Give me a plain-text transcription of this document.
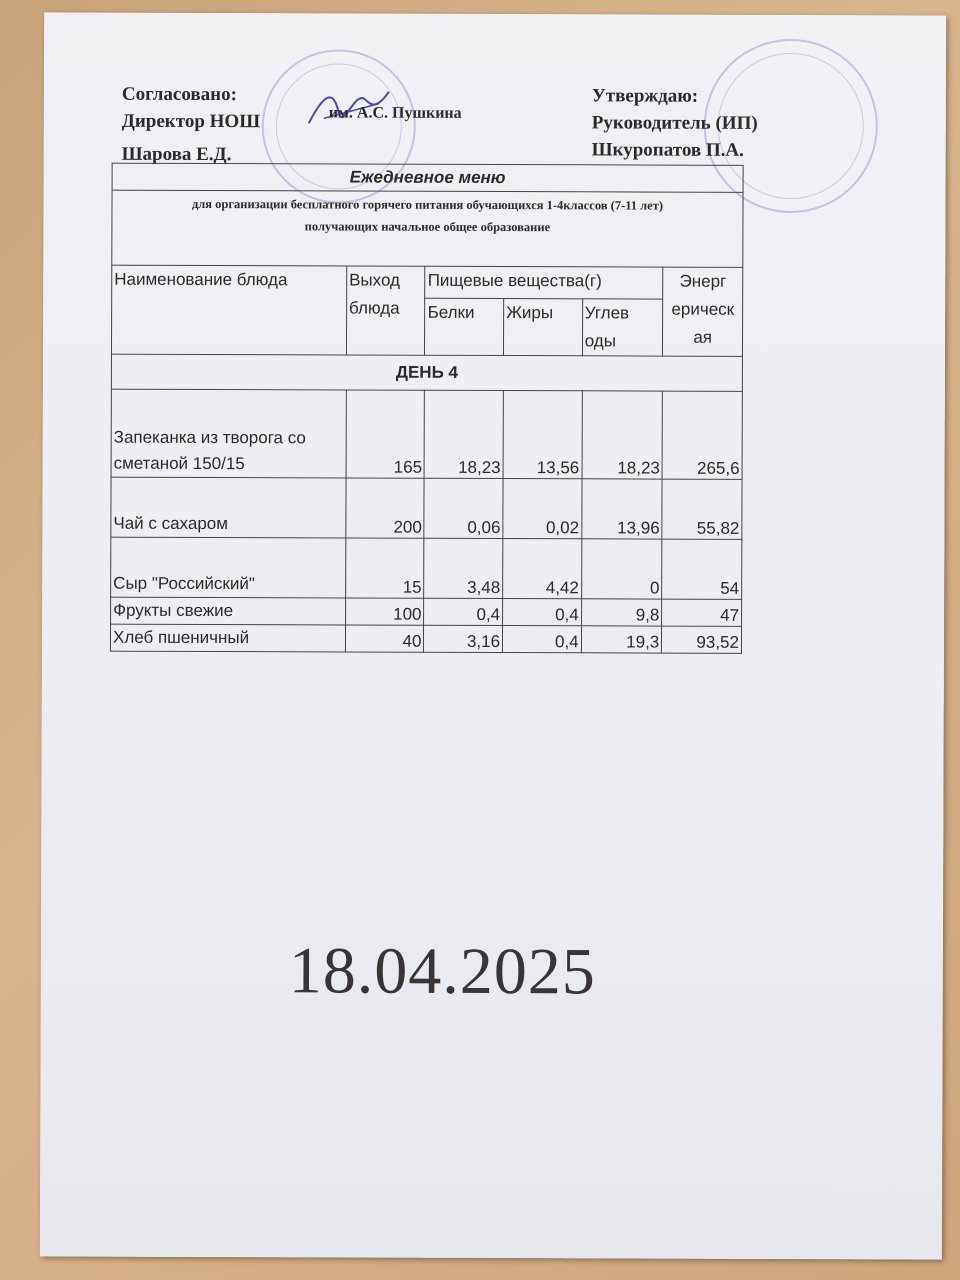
Согласовано:
Директор НОШ
Шарова Е.Д.
им. А.С. Пушкина
Утверждаю:
Руководитель (ИП)
Шкуропатов П.А.
Ежедневное меню					

для организации бесплатного горячего питания обучающихся 1-4классов (7-11 лет)
получающих начальное общее образование					

Наименование блюда	Выход блюда	Пищевые вещества(г)			Энерг ерическ ая
		Белки	Жиры	Углев оды	
ДЕНЬ 4					
Запеканка из творога со сметаной 150/15	165	18,23	13,56	18,23	265,6
Чай с сахаром	200	0,06	0,02	13,96	55,82
Сыр "Российский"	15	3,48	4,42	0	54
Фрукты свежие	100	0,4	0,4	9,8	47
Хлеб пшеничный	40	3,16	0,4	19,3	93,52
18.04.2025
